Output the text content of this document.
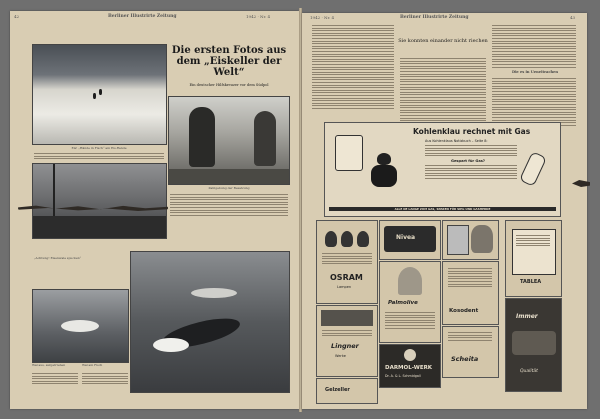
42	Berliner Illustrirte Zeitung	1942 · Nr. 4
Eis! „Hände in Fisch“ am Eis-Rande
Die ersten Fotos aus dem „Eiskeller der Welt“
Ein deutscher Hilfskreuzer vor dem Südpol
Zahlgebung der Besatzung
„Achtung! Eisenwale spucken“
Wal aus, aufgetrieben	Wal am Fisch
1942 · Nr. 4	Berliner Illustrirte Zeitung	43
Sie konnten einander nicht riechen
Die es in Ueneitrachen
Kohlenklau rechnet mit Gas
Aus Kohlenklaus Notizbuch – Seite 8:
Gespart für Gas?
ALLE DE LANGE ZUM GAS, SPAREN FÜR SIEG UND GASHERDE
OSRAM
Lampen
Nivea
Palmolive
Kosodent
TABLEA
Lingner
Werke
DARMOL-WERK
Dr. A. & L. Schmidgall
Scheita
Immer
Qualität
Gelzeller
